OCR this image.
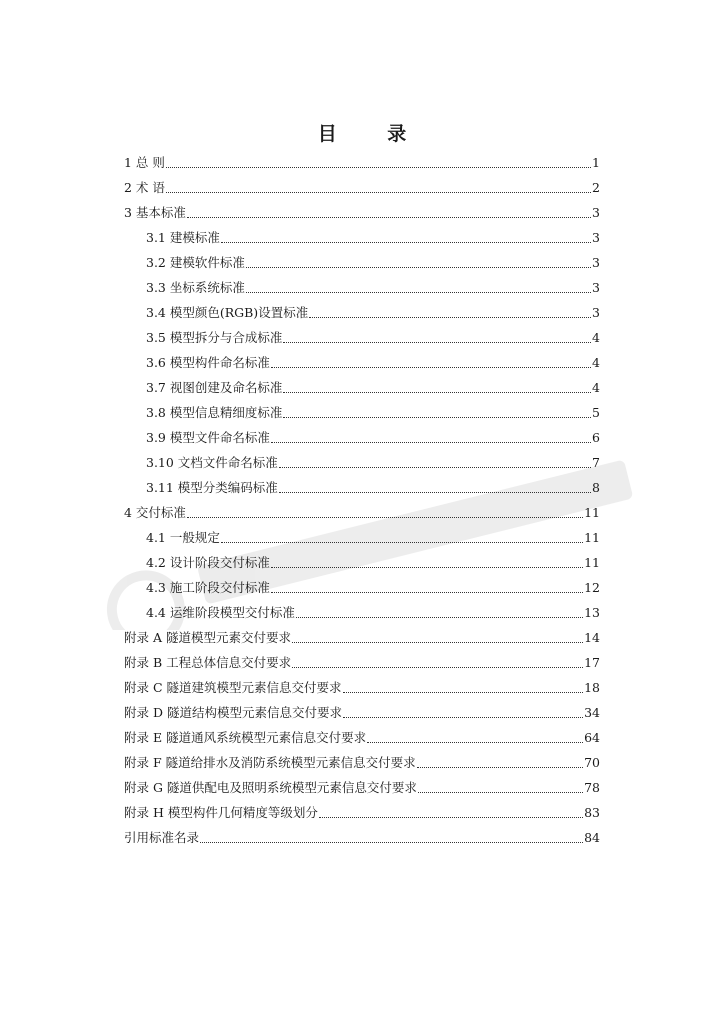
目 录
1 总 则	1
2 术 语	2
3 基本标准	3
3.1 建模标准	3
3.2 建模软件标准	3
3.3 坐标系统标准	3
3.4 模型颜色(RGB)设置标准	3
3.5 模型拆分与合成标准	4
3.6 模型构件命名标准	4
3.7 视图创建及命名标准	4
3.8 模型信息精细度标准	5
3.9 模型文件命名标准	6
3.10 文档文件命名标准	7
3.11 模型分类编码标准	8
4 交付标准	11
4.1 一般规定	11
4.2 设计阶段交付标准	11
4.3 施工阶段交付标准	12
4.4 运维阶段模型交付标准	13
附录 A 隧道模型元素交付要求	14
附录 B 工程总体信息交付要求	17
附录 C 隧道建筑模型元素信息交付要求	18
附录 D 隧道结构模型元素信息交付要求	34
附录 E 隧道通风系统模型元素信息交付要求	64
附录 F 隧道给排水及消防系统模型元素信息交付要求	70
附录 G 隧道供配电及照明系统模型元素信息交付要求	78
附录 H 模型构件几何精度等级划分	83
引用标准名录	84
